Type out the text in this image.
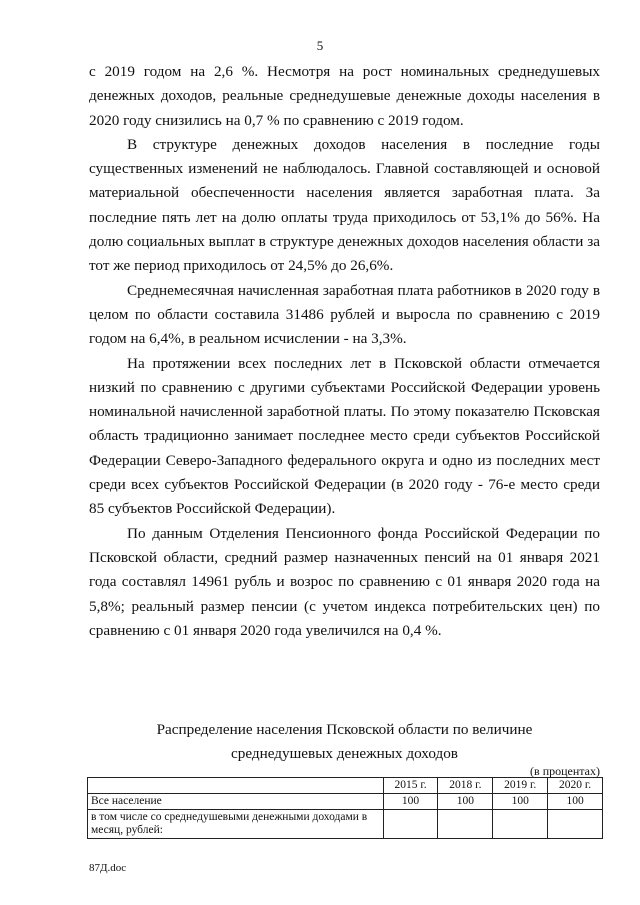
5

с 2019 годом на 2,6 %. Несмотря на рост номинальных среднедушевых денежных доходов, реальные среднедушевые денежные доходы населения в 2020 году снизились на 0,7 % по сравнению с 2019 годом.

В структуре денежных доходов населения в последние годы существенных изменений не наблюдалось. Главной составляющей и основой материальной обеспеченности населения является заработная плата. За последние пять лет на долю оплаты труда приходилось от 53,1% до 56%. На долю социальных выплат в структуре денежных доходов населения области за тот же период приходилось от 24,5% до 26,6%.

Среднемесячная начисленная заработная плата работников в 2020 году в целом по области составила 31486 рублей и выросла по сравнению с 2019 годом на 6,4%, в реальном исчислении - на 3,3%.

На протяжении всех последних лет в Псковской области отмечается низкий по сравнению с другими субъектами Российской Федерации уровень номинальной начисленной заработной платы. По этому показателю Псковская область традиционно занимает последнее место среди субъектов Российской Федерации Северо-Западного федерального округа и одно из последних мест среди всех субъектов Российской Федерации (в 2020 году - 76-е место среди 85 субъектов Российской Федерации).

По данным Отделения Пенсионного фонда Российской Федерации по Псковской области, средний размер назначенных пенсий на 01 января 2021 года составлял 14961 рубль и возрос по сравнению с 01 января 2020 года на 5,8%; реальный размер пенсии (с учетом индекса потребительских цен) по сравнению с 01 января 2020 года увеличился на 0,4 %.

Распределение населения Псковской области по величине
среднедушевых денежных доходов
(в процентах)
	2015 г.	2018 г.	2019 г.	2020 г.
Все население	100	100	100	100
в том числе со среднедушевыми денежными доходами в месяц, рублей:				
87Д.doc
